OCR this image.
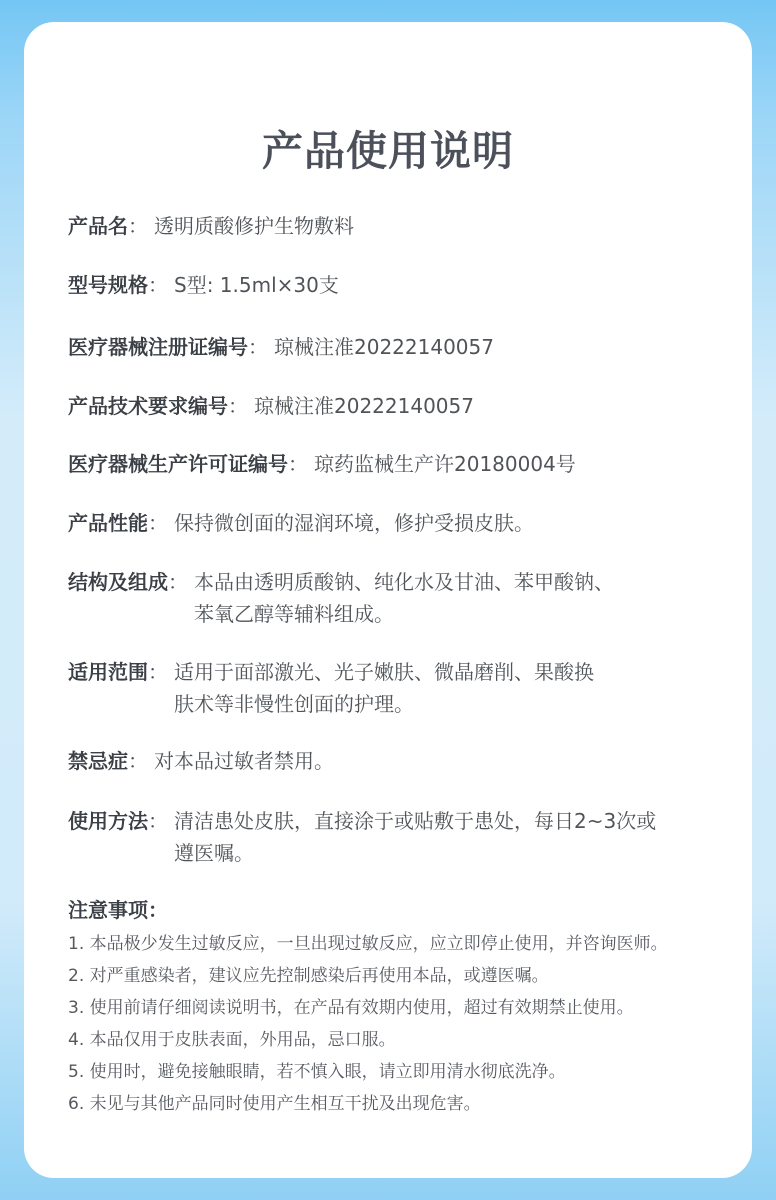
产品使用说明
产品名 ： 透明质酸修护生物敷料
型号规格 ： S型: 1.5ml×30支
医疗器械注册证编号 ： 琼械注准20222140057
产品技术要求编号 ： 琼械注准20222140057
医疗器械生产许可证编号 ： 琼药监械生产许20180004号
产品性能 ： 保持微创面的湿润环境，修护受损皮肤。
结构及组成 ： 本品由透明质酸钠、纯化水及甘油、苯甲酸钠、
苯氧乙醇等辅料组成。
适用范围 ： 适用于面部激光、光子嫩肤、微晶磨削、果酸换
肤术等非慢性创面的护理。
禁忌症 ： 对本品过敏者禁用。
使用方法 ： 清洁患处皮肤，直接涂于或贴敷于患处，每日2~3次或
遵医嘱。
注意事项：
1. 本品极少发生过敏反应，一旦出现过敏反应，应立即停止使用，并咨询医师。
2. 对严重感染者，建议应先控制感染后再使用本品，或遵医嘱。
3. 使用前请仔细阅读说明书，在产品有效期内使用，超过有效期禁止使用。
4. 本品仅用于皮肤表面，外用品，忌口服。
5. 使用时，避免接触眼睛，若不慎入眼，请立即用清水彻底洗净。
6. 未见与其他产品同时使用产生相互干扰及出现危害。
